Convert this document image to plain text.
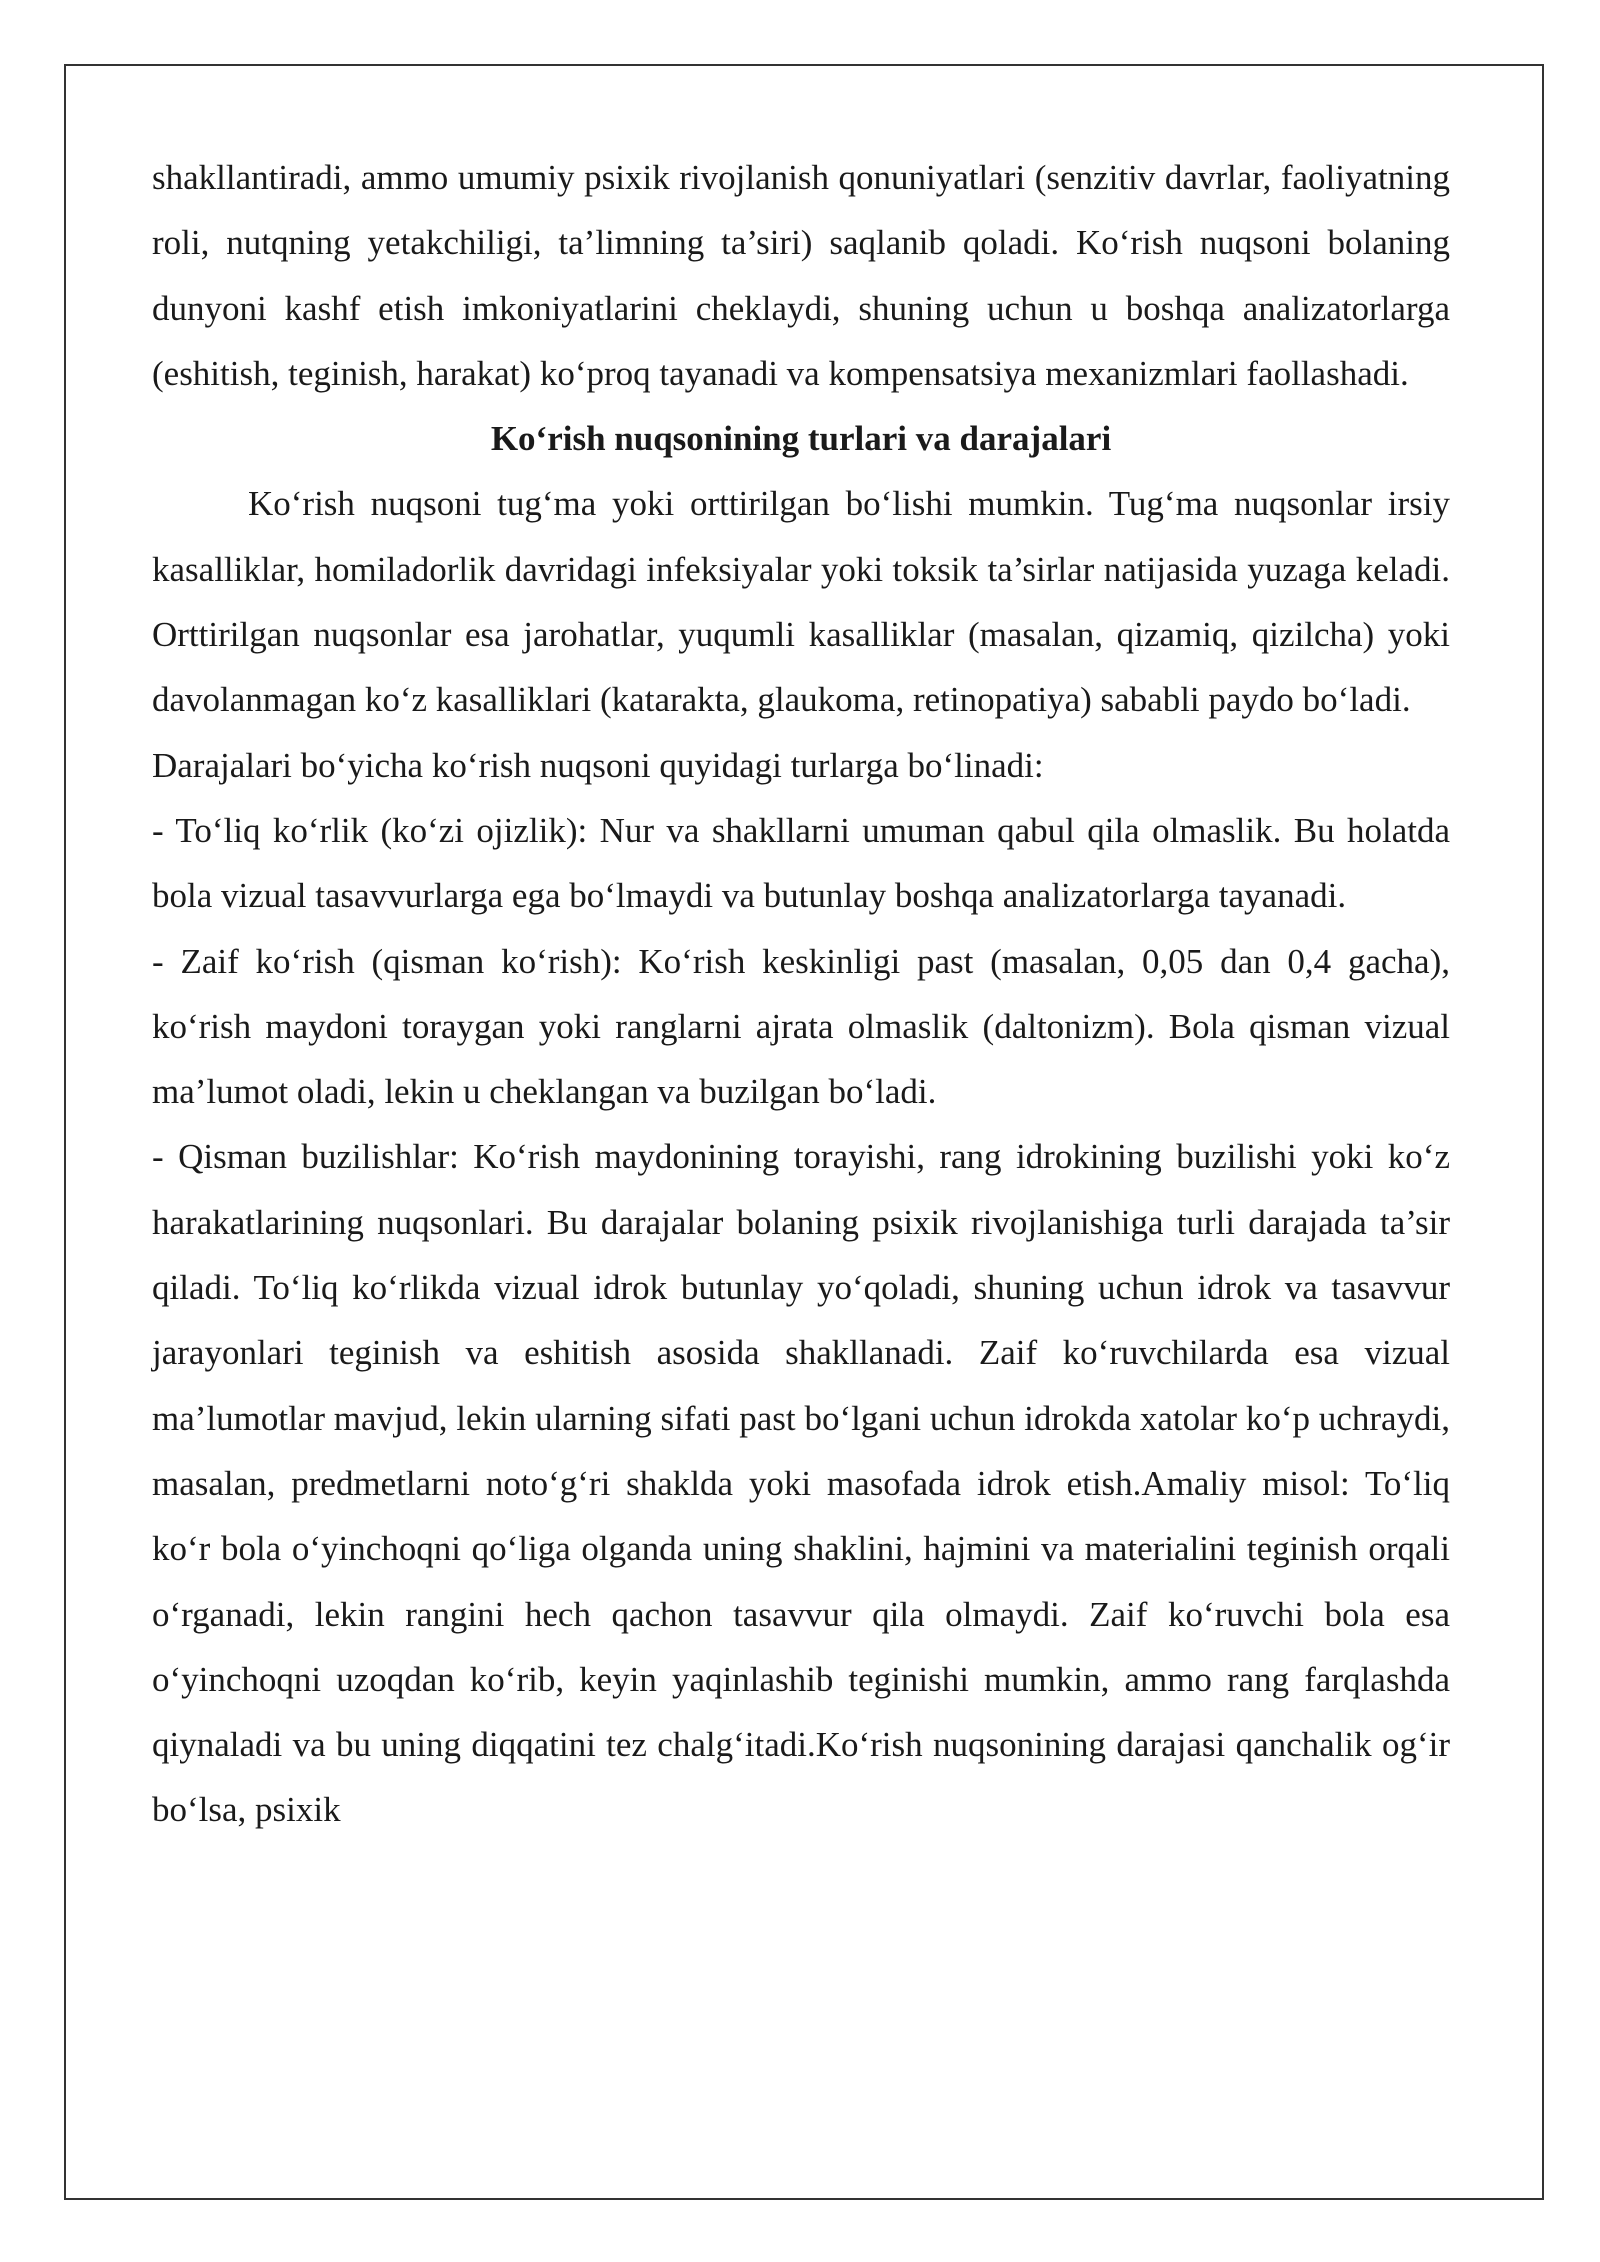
shakllantiradi, ammo umumiy psixik rivojlanish qonuniyatlari (senzitiv davrlar, faoliyatning roli, nutqning yetakchiligi, ta’limning ta’siri) saqlanib qoladi. Koʻrish nuqsoni bolaning dunyoni kashf etish imkoniyatlarini cheklaydi, shuning uchun u boshqa analizatorlarga (eshitish, teginish, harakat) koʻproq tayanadi va kompensatsiya mexanizmlari faollashadi.

Koʻrish nuqsonining turlari va darajalari

Koʻrish nuqsoni tugʻma yoki orttirilgan boʻlishi mumkin. Tugʻma nuqsonlar irsiy kasalliklar, homiladorlik davridagi infeksiyalar yoki toksik ta’sirlar natijasida yuzaga keladi. Orttirilgan nuqsonlar esa jarohatlar, yuqumli kasalliklar (masalan, qizamiq, qizilcha) yoki davolanmagan koʻz kasalliklari (katarakta, glaukoma, retinopatiya) sababli paydo boʻladi.

Darajalari boʻyicha koʻrish nuqsoni quyidagi turlarga boʻlinadi:

- Toʻliq koʻrlik (koʻzi ojizlik): Nur va shakllarni umuman qabul qila olmaslik. Bu holatda bola vizual tasavvurlarga ega boʻlmaydi va butunlay boshqa analizatorlarga tayanadi.

- Zaif koʻrish (qisman koʻrish): Koʻrish keskinligi past (masalan, 0,05 dan 0,4 gacha), koʻrish maydoni toraygan yoki ranglarni ajrata olmaslik (daltonizm). Bola qisman vizual ma’lumot oladi, lekin u cheklangan va buzilgan boʻladi.

- Qisman buzilishlar: Koʻrish maydonining torayishi, rang idrokining buzilishi yoki koʻz harakatlarining nuqsonlari. Bu darajalar bolaning psixik rivojlanishiga turli darajada ta’sir qiladi. Toʻliq koʻrlikda vizual idrok butunlay yoʻqoladi, shuning uchun idrok va tasavvur jarayonlari teginish va eshitish asosida shakllanadi. Zaif koʻruvchilarda esa vizual ma’lumotlar mavjud, lekin ularning sifati past boʻlgani uchun idrokda xatolar koʻp uchraydi, masalan, predmetlarni notoʻgʻri shaklda yoki masofada idrok etish.Amaliy misol: Toʻliq koʻr bola oʻyinchoqni qoʻliga olganda uning shaklini, hajmini va materialini teginish orqali oʻrganadi, lekin rangini hech qachon tasavvur qila olmaydi. Zaif koʻruvchi bola esa oʻyinchoqni uzoqdan koʻrib, keyin yaqinlashib teginishi mumkin, ammo rang farqlashda qiynaladi va bu uning diqqatini tez chalgʻitadi.Koʻrish nuqsonining darajasi qanchalik ogʻir boʻlsa, psixik
